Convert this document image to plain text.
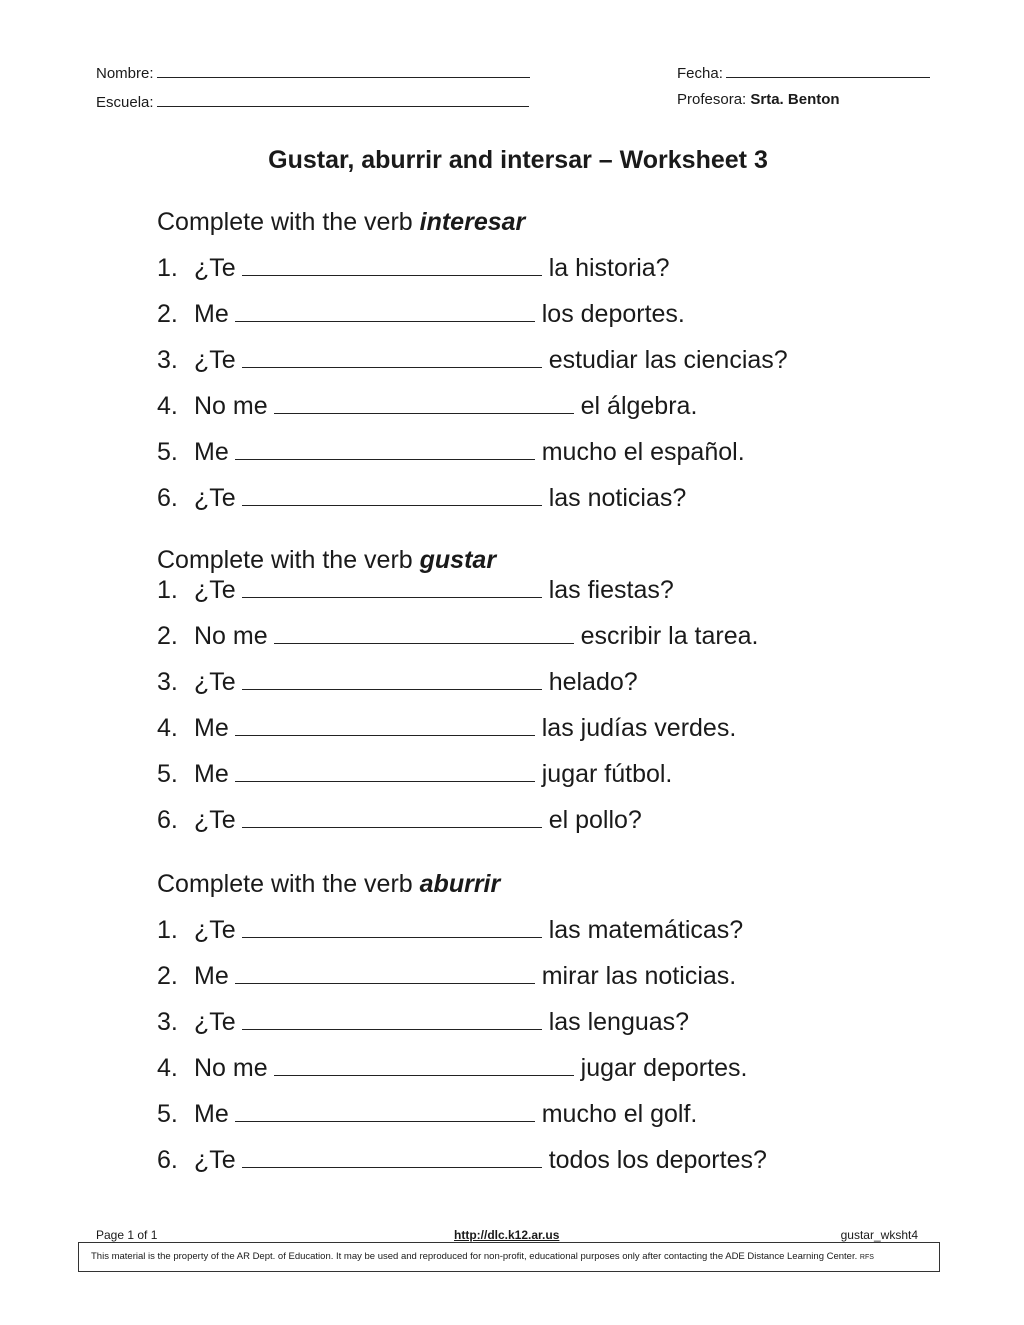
Nombre:
Escuela:
Fecha:
Profesora: Srta. Benton
Gustar, aburrir and intersar – Worksheet 3
Complete with the verb interesar
1. ¿Te	la historia?
2. Me	los deportes.
3. ¿Te	estudiar las ciencias?
4. No me	el álgebra.
5. Me	mucho el español.
6. ¿Te	las noticias?
Complete with the verb gustar
1. ¿Te	las fiestas?
2. No me	escribir la tarea.
3. ¿Te	helado?
4. Me	las judías verdes.
5. Me	jugar fútbol.
6. ¿Te	el pollo?
Complete with the verb aburrir
1. ¿Te	las matemáticas?
2. Me	mirar las noticias.
3. ¿Te	las lenguas?
4. No me	jugar deportes.
5. Me	mucho el golf.
6. ¿Te	todos los deportes?
Page 1 of 1	http://dlc.k12.ar.us	gustar_wksht4
This material is the property of the AR Dept. of Education. It may be used and reproduced for non-profit, educational purposes only after contacting the ADE Distance Learning Center. RFS
